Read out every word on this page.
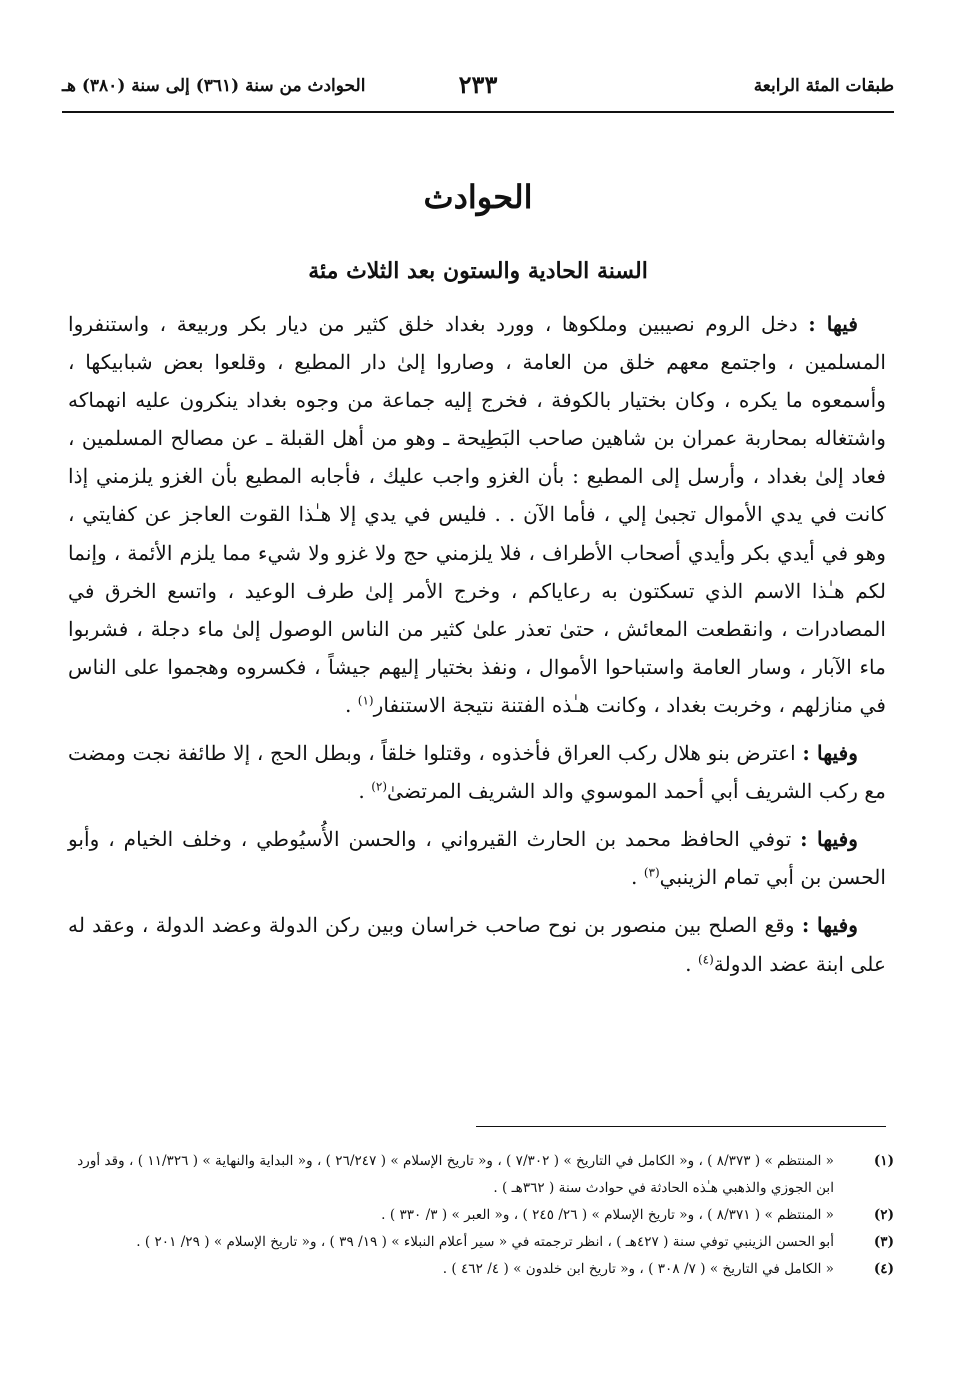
طبقات المئة الرابعة
٢٣٣
الحوادث من سنة (٣٦١) إلى سنة (٣٨٠) هـ
الحوادث
السنة الحادية والستون بعد الثلاث مئة

فيها : دخل الروم نصيبين وملكوها ، وورد بغداد خلق كثير من ديار بكر وربيعة ، واستنفروا المسلمين ، واجتمع معهم خلق من العامة ، وصاروا إلىٰ دار المطيع ، وقلعوا بعض شبابيكها ، وأسمعوه ما يكره ، وكان بختيار بالكوفة ، فخرج إليه جماعة من وجوه بغداد ينكرون عليه انهماكه واشتغاله بمحاربة عمران بن شاهين صاحب البَطِيحة ـ وهو من أهل القبلة ـ عن مصالح المسلمين ، فعاد إلىٰ بغداد ، وأرسل إلى المطيع : بأن الغزو واجب عليك ، فأجابه المطيع بأن الغزو يلزمني إذا كانت في يدي الأموال تجبىٰ إلي ، فأما الآن . . فليس في يدي إلا هـٰذا القوت العاجز عن كفايتي ، وهو في أيدي بكر وأيدي أصحاب الأطراف ، فلا يلزمني حج ولا غزو ولا شيء مما يلزم الأئمة ، وإنما لكم هـٰذا الاسم الذي تسكتون به رعاياكم ، وخرج الأمر إلىٰ طرف الوعيد ، واتسع الخرق في المصادرات ، وانقطعت المعائش ، حتىٰ تعذر علىٰ كثير من الناس الوصول إلىٰ ماء دجلة ، فشربوا ماء الآبار ، وسار العامة واستباحوا الأموال ، ونفذ بختيار إليهم جيشاً ، فكسروه وهجموا على الناس في منازلهم ، وخربت بغداد ، وكانت هـٰذه الفتنة نتيجة الاستنفار$^{(١)}$ .

وفيها : اعترض بنو هلال ركب العراق فأخذوه ، وقتلوا خلقاً ، وبطل الحج ، إلا طائفة نجت ومضت مع ركب الشريف أبي أحمد الموسوي والد الشريف المرتضىٰ$^{(٢)}$ .

وفيها : توفي الحافظ محمد بن الحارث القيرواني ، والحسن الأُسيُوطي ، وخلف الخيام ، وأبو الحسن بن أبي تمام الزينبي$^{(٣)}$ .

وفيها : وقع الصلح بين منصور بن نوح صاحب خراسان وبين ركن الدولة وعضد الدولة ، وعقد له على ابنة عضد الدولة$^{(٤)}$ .

(١)
« المنتظم » ( ٨/٣٧٣ ) ، و« الكامل في التاريخ » ( ٧/٣٠٢ ) ، و« تاريخ الإسلام » ( ٢٦/٢٤٧ ) ، و« البداية والنهاية » ( ١١/٣٢٦ ) ، وقد أورد ابن الجوزي والذهبي هـٰذه الحادثة في حوادث سنة ( ٣٦٢هـ ) .
(٢)
« المنتظم » ( ٨/٣٧١ ) ، و« تاريخ الإسلام » ( ٢٦/ ٢٤٥ ) ، و« العبر » ( ٣/ ٣٣٠ ) .
(٣)
أبو الحسن الزينبي توفي سنة ( ٤٢٧هـ ) ، انظر ترجمته في « سير أعلام النبلاء » ( ١٩/ ٣٩ ) ، و« تاريخ الإسلام » ( ٢٩/ ٢٠١ ) .
(٤)
« الكامل في التاريخ » ( ٧/ ٣٠٨ ) ، و« تاريخ ابن خلدون » ( ٤/ ٤٦٢ ) .
